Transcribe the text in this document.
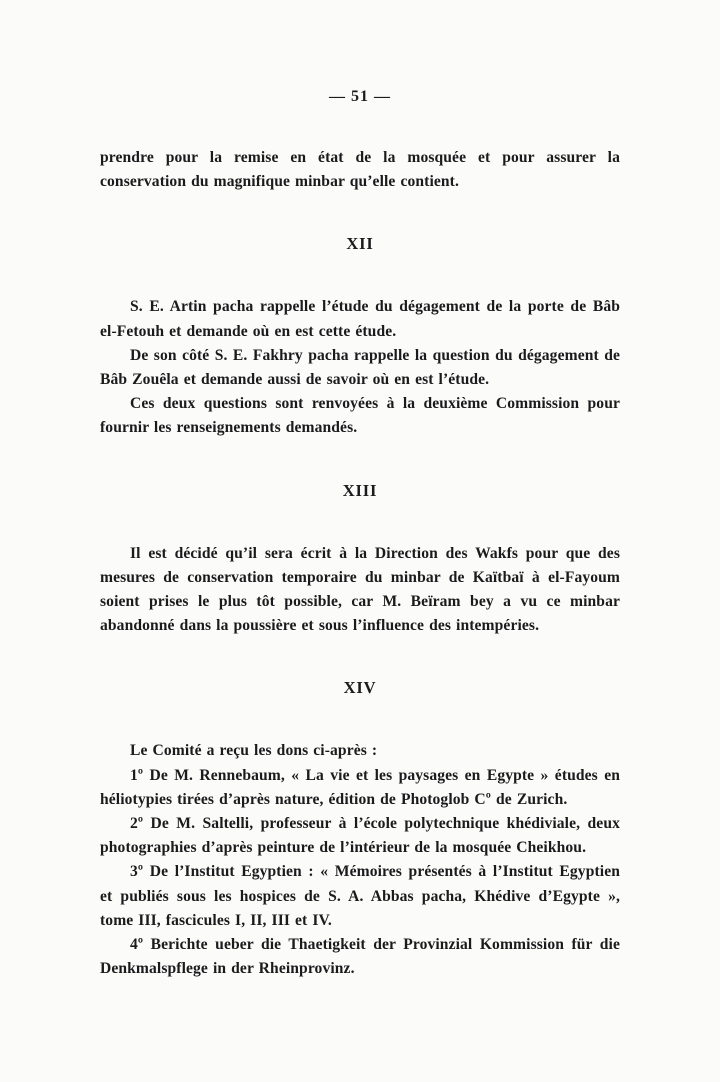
— 51 —

prendre pour la remise en état de la mosquée et pour assurer la conservation du magnifique minbar qu’elle contient.

XII

S. E. Artin pacha rappelle l’étude du dégagement de la porte de Bâb el-Fetouh et demande où en est cette étude.

De son côté S. E. Fakhry pacha rappelle la question du dégagement de Bâb Zouêla et demande aussi de savoir où en est l’étude.

Ces deux questions sont renvoyées à la deuxième Commission pour fournir les renseignements demandés.

XIII

Il est décidé qu’il sera écrit à la Direction des Wakfs pour que des mesures de conservation temporaire du minbar de Kaïtbaï à el-Fayoum soient prises le plus tôt possible, car M. Beïram bey a vu ce minbar abandonné dans la poussière et sous l’influence des intempéries.

XIV

Le Comité a reçu les dons ci-après :

1º De M. Rennebaum, « La vie et les paysages en Egypte » études en héliotypies tirées d’après nature, édition de Photoglob Cº de Zurich.

2º De M. Saltelli, professeur à l’école polytechnique khédiviale, deux photographies d’après peinture de l’intérieur de la mosquée Cheikhou.

3º De l’Institut Egyptien : « Mémoires présentés à l’Institut Egyptien et publiés sous les hospices de S. A. Abbas pacha, Khédive d’Egypte », tome III, fascicules I, II, III et IV.

4º Berichte ueber die Thaetigkeit der Provinzial Kommission für die Denkmalspflege in der Rheinprovinz.
